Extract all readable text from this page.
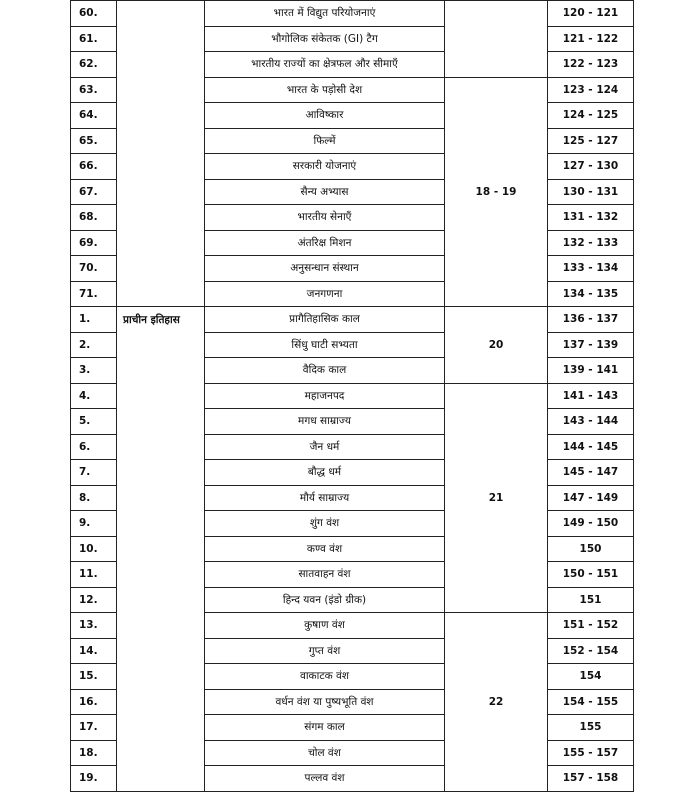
60.		भारत में विद्युत परियोजनाएं		120 - 121
61.		भौगोलिक संकेतक (GI) टैग		121 - 122
62.		भारतीय राज्यों का क्षेत्रफल और सीमाएँ		122 - 123
63.		भारत के पड़ोसी देश	18 - 19	123 - 124
64.		आविष्कार		124 - 125
65.		फिल्में		125 - 127
66.		सरकारी योजनाएं		127 - 130
67.		सैन्य अभ्यास		130 - 131
68.		भारतीय सेनाएँ		131 - 132
69.		अंतरिक्ष मिशन		132 - 133
70.		अनुसन्धान संस्थान		133 - 134
71.		जनगणना		134 - 135
1.	प्राचीन इतिहास	प्रागैतिहासिक काल	20	136 - 137
2.		सिंधु घाटी सभ्यता		137 - 139
3.		वैदिक काल		139 - 141
4.		महाजनपद	21	141 - 143
5.		मगध साम्राज्य		143 - 144
6.		जैन धर्म		144 - 145
7.		बौद्ध धर्म		145 - 147
8.		मौर्य साम्राज्य		147 - 149
9.		शुंग वंश		149 - 150
10.		कण्व वंश		150
11.		सातवाहन वंश		150 - 151
12.		हिन्द यवन (इंडो ग्रीक)		151
13.		कुषाण वंश	22	151 - 152
14.		गुप्त वंश		152 - 154
15.		वाकाटक वंश		154
16.		वर्धन वंश या पुष्यभूति वंश		154 - 155
17.		संगम काल		155
18.		चोल वंश		155 - 157
19.		पल्लव वंश		157 - 158
